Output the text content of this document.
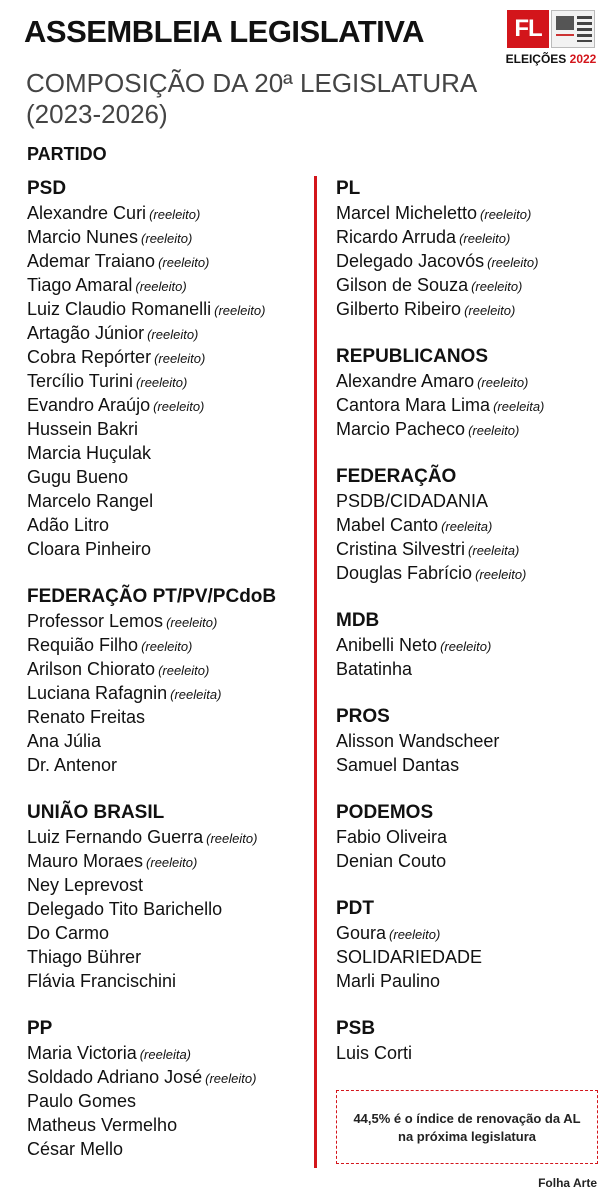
ASSEMBLEIA LEGISLATIVA
COMPOSIÇÃO DA 20ª LEGISLATURA (2023-2026)
FL
ELEIÇÕES 2022
PARTIDO
PSD
Alexandre Curi (reeleito)
Marcio Nunes (reeleito)
Ademar Traiano (reeleito)
Tiago Amaral (reeleito)
Luiz Claudio Romanelli (reeleito)
Artagão Júnior (reeleito)
Cobra Repórter (reeleito)
Tercílio Turini (reeleito)
Evandro Araújo (reeleito)
Hussein Bakri
Marcia Huçulak
Gugu Bueno
Marcelo Rangel
Adão Litro
Cloara Pinheiro
FEDERAÇÃO PT/PV/PCdoB
Professor Lemos (reeleito)
Requião Filho (reeleito)
Arilson Chiorato (reeleito)
Luciana Rafagnin (reeleita)
Renato Freitas
Ana Júlia
Dr. Antenor
UNIÃO BRASIL
Luiz Fernando Guerra (reeleito)
Mauro Moraes (reeleito)
Ney Leprevost
Delegado Tito Barichello
Do Carmo
Thiago Bührer
Flávia Francischini
PP
Maria Victoria (reeleita)
Soldado Adriano José (reeleito)
Paulo Gomes
Matheus Vermelho
César Mello
PL
Marcel Micheletto (reeleito)
Ricardo Arruda (reeleito)
Delegado Jacovós (reeleito)
Gilson de Souza (reeleito)
Gilberto Ribeiro (reeleito)
REPUBLICANOS
Alexandre Amaro (reeleito)
Cantora Mara Lima (reeleita)
Marcio Pacheco (reeleito)
FEDERAÇÃO
PSDB/CIDADANIA
Mabel Canto (reeleita)
Cristina Silvestri (reeleita)
Douglas Fabrício (reeleito)
MDB
Anibelli Neto (reeleito)
Batatinha
PROS
Alisson Wandscheer
Samuel Dantas
PODEMOS
Fabio Oliveira
Denian Couto
PDT
Goura (reeleito)
SOLIDARIEDADE
Marli Paulino
PSB
Luis Corti

44,5% é o índice de renovação da AL na próxima legislatura

Folha Arte
